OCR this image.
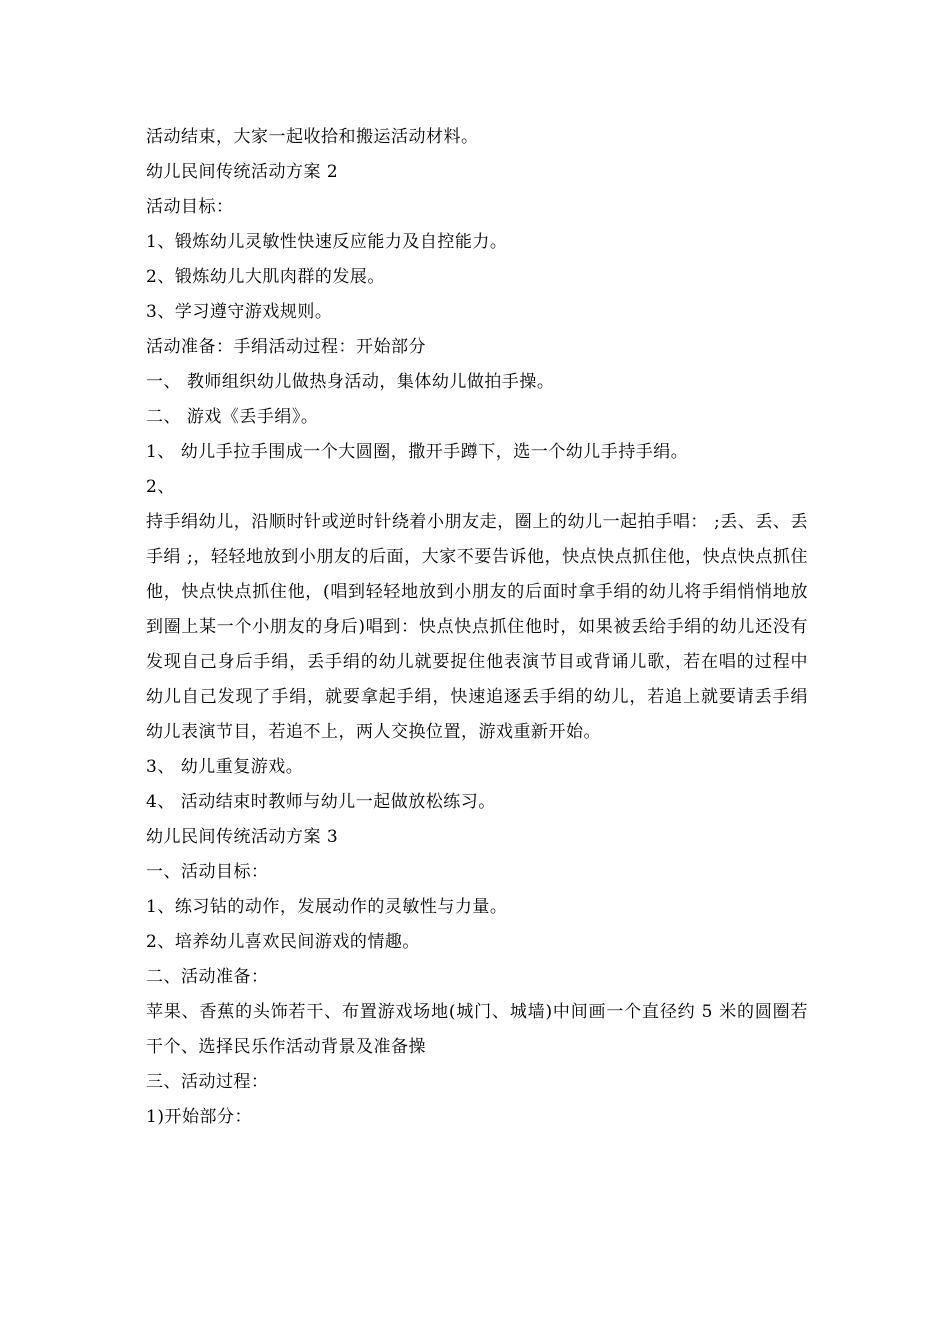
活动结束，大家一起收拾和搬运活动材料。

幼儿民间传统活动方案 2

活动目标：

1、锻炼幼儿灵敏性快速反应能力及自控能力。

2、锻炼幼儿大肌肉群的发展。

3、学习遵守游戏规则。

活动准备：手绢活动过程：开始部分

一、 教师组织幼儿做热身活动，集体幼儿做拍手操。

二、 游戏《丢手绢》。

1、 幼儿手拉手围成一个大圆圈，撒开手蹲下，选一个幼儿手持手绢。

2、

持手绢幼儿，沿顺时针或逆时针绕着小朋友走，圈上的幼儿一起拍手唱： ;丢、丢、丢手绢 ;，轻轻地放到小朋友的后面，大家不要告诉他，快点快点抓住他，快点快点抓住他，快点快点抓住他，(唱到轻轻地放到小朋友的后面时拿手绢的幼儿将手绢悄悄地放到圈上某一个小朋友的身后)唱到：快点快点抓住他时，如果被丢给手绢的幼儿还没有发现自己身后手绢，丢手绢的幼儿就要捉住他表演节目或背诵儿歌，若在唱的过程中幼儿自己发现了手绢，就要拿起手绢，快速追逐丢手绢的幼儿，若追上就要请丢手绢幼儿表演节目，若追不上，两人交换位置，游戏重新开始。

3、 幼儿重复游戏。

4、 活动结束时教师与幼儿一起做放松练习。

幼儿民间传统活动方案 3

一、活动目标：

1、练习钻的动作，发展动作的灵敏性与力量。

2、培养幼儿喜欢民间游戏的情趣。

二、活动准备：

苹果、香蕉的头饰若干、布置游戏场地(城门、城墙)中间画一个直径约 5 米的圆圈若干个、选择民乐作活动背景及准备操

三、活动过程：

1)开始部分：
